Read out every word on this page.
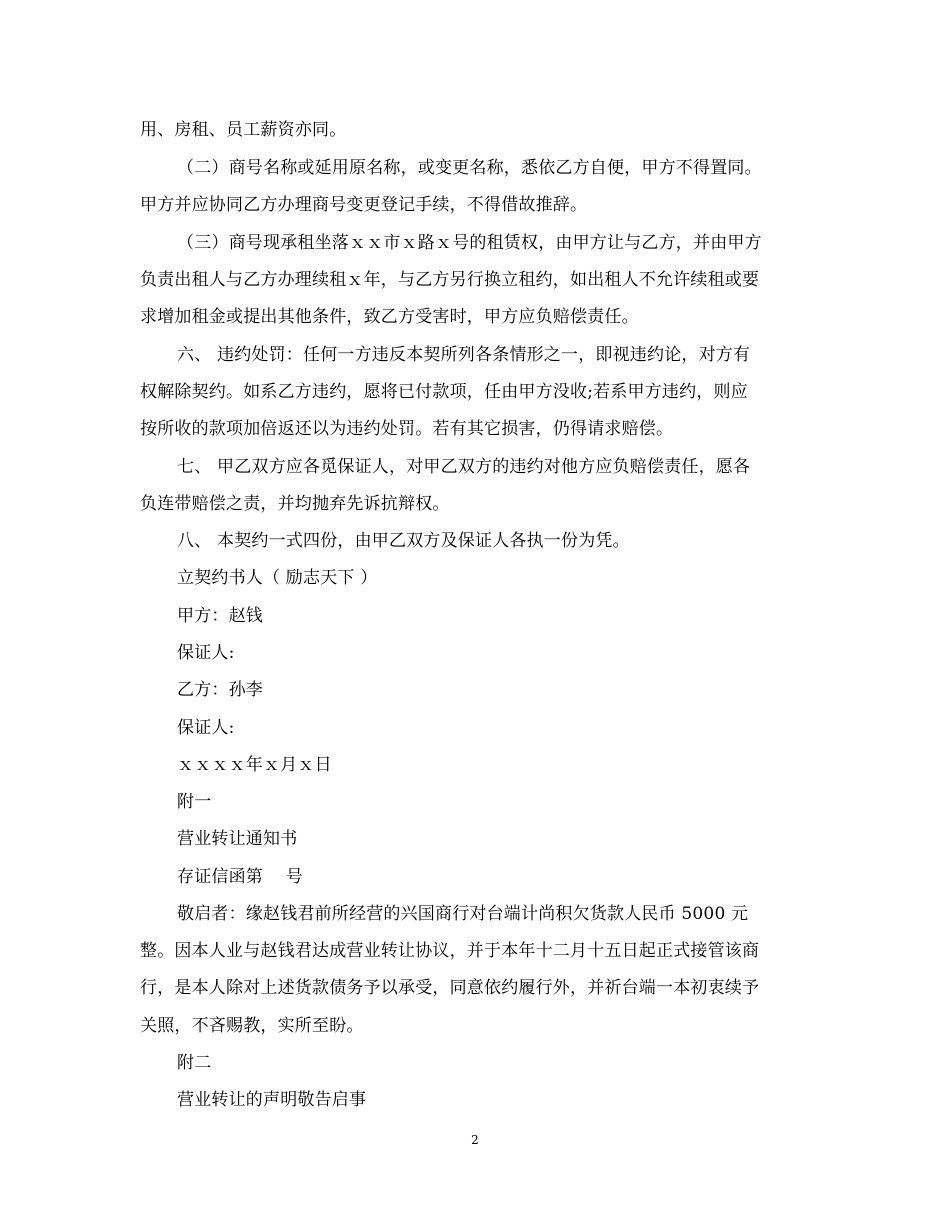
用、房租、员工薪资亦同。
（二）商号名称或延用原名称，或变更名称，悉依乙方自便，甲方不得置同。
甲方并应协同乙方办理商号变更登记手续，不得借故推辞。
（三）商号现承租坐落ｘｘ市ｘ路ｘ号的租赁权，由甲方让与乙方，并由甲方
负责出租人与乙方办理续租ｘ年，与乙方另行换立租约，如出租人不允许续租或要
求增加租金或提出其他条件，致乙方受害时，甲方应负赔偿责任。
六、 违约处罚：任何一方违反本契所列各条情形之一，即视违约论，对方有
权解除契约。如系乙方违约，愿将已付款项，任由甲方没收;若系甲方违约，则应
按所收的款项加倍返还以为违约处罚。若有其它损害，仍得请求赔偿。
七、 甲乙双方应各觅保证人，对甲乙双方的违约对他方应负赔偿责任，愿各
负连带赔偿之责，并均抛弃先诉抗辩权。
八、 本契约一式四份，由甲乙双方及保证人各执一份为凭。
立契约书人（ 励志天下 ）
甲方：赵钱
保证人:
乙方：孙李
保证人:
ｘｘｘｘ年ｘ月ｘ日
附一
营业转让通知书
存证信函第　 号
敬启者：缘赵钱君前所经营的兴国商行对台端计尚积欠货款人民币 5000 元
整。因本人业与赵钱君达成营业转让协议，并于本年十二月十五日起正式接管该商
行，是本人除对上述货款债务予以承受，同意依约履行外，并祈台端一本初衷续予
关照，不吝赐教，实所至盼。
附二
营业转让的声明敬告启事
2
